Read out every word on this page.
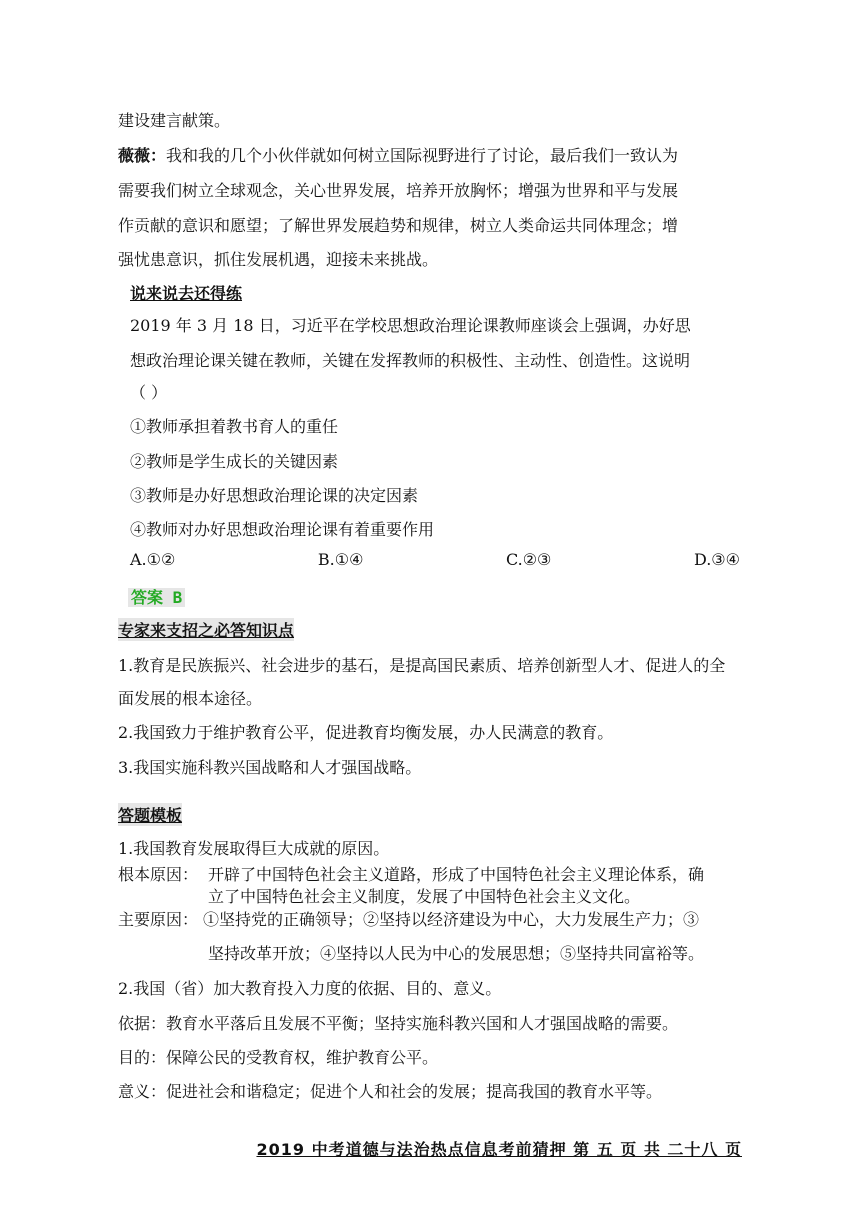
建设建言献策。
薇薇：我和我的几个小伙伴就如何树立国际视野进行了讨论，最后我们一致认为
需要我们树立全球观念，关心世界发展，培养开放胸怀；增强为世界和平与发展
作贡献的意识和愿望；了解世界发展趋势和规律，树立人类命运共同体理念；增
强忧患意识，抓住发展机遇，迎接未来挑战。
说来说去还得练
2019 年 3 月 18 日，习近平在学校思想政治理论课教师座谈会上强调，办好思
想政治理论课关键在教师，关键在发挥教师的积极性、主动性、创造性。这说明
（ ）
①教师承担着教书育人的重任
②教师是学生成长的关键因素
③教师是办好思想政治理论课的决定因素
④教师对办好思想政治理论课有着重要作用
A.①②	B.①④	C.②③	D.③④
答案 B
专家来支招之必答知识点
1.教育是民族振兴、社会进步的基石，是提高国民素质、培养创新型人才、促进人的全
面发展的根本途径。
2.我国致力于维护教育公平，促进教育均衡发展，办人民满意的教育。
3.我国实施科教兴国战略和人才强国战略。
答题模板
1.我国教育发展取得巨大成就的原因。
根本原因： 开辟了中国特色社会主义道路，形成了中国特色社会主义理论体系，确
立了中国特色社会主义制度，发展了中国特色社会主义文化。
主要原因： ①坚持党的正确领导；②坚持以经济建设为中心，大力发展生产力；③
坚持改革开放；④坚持以人民为中心的发展思想；⑤坚持共同富裕等。
2.我国（省）加大教育投入力度的依据、目的、意义。
依据：教育水平落后且发展不平衡；坚持实施科教兴国和人才强国战略的需要。
目的：保障公民的受教育权，维护教育公平。
意义：促进社会和谐稳定；促进个人和社会的发展；提高我国的教育水平等。
2019 中考道德与法治热点信息考前猜押 第 五 页 共 二十八 页
